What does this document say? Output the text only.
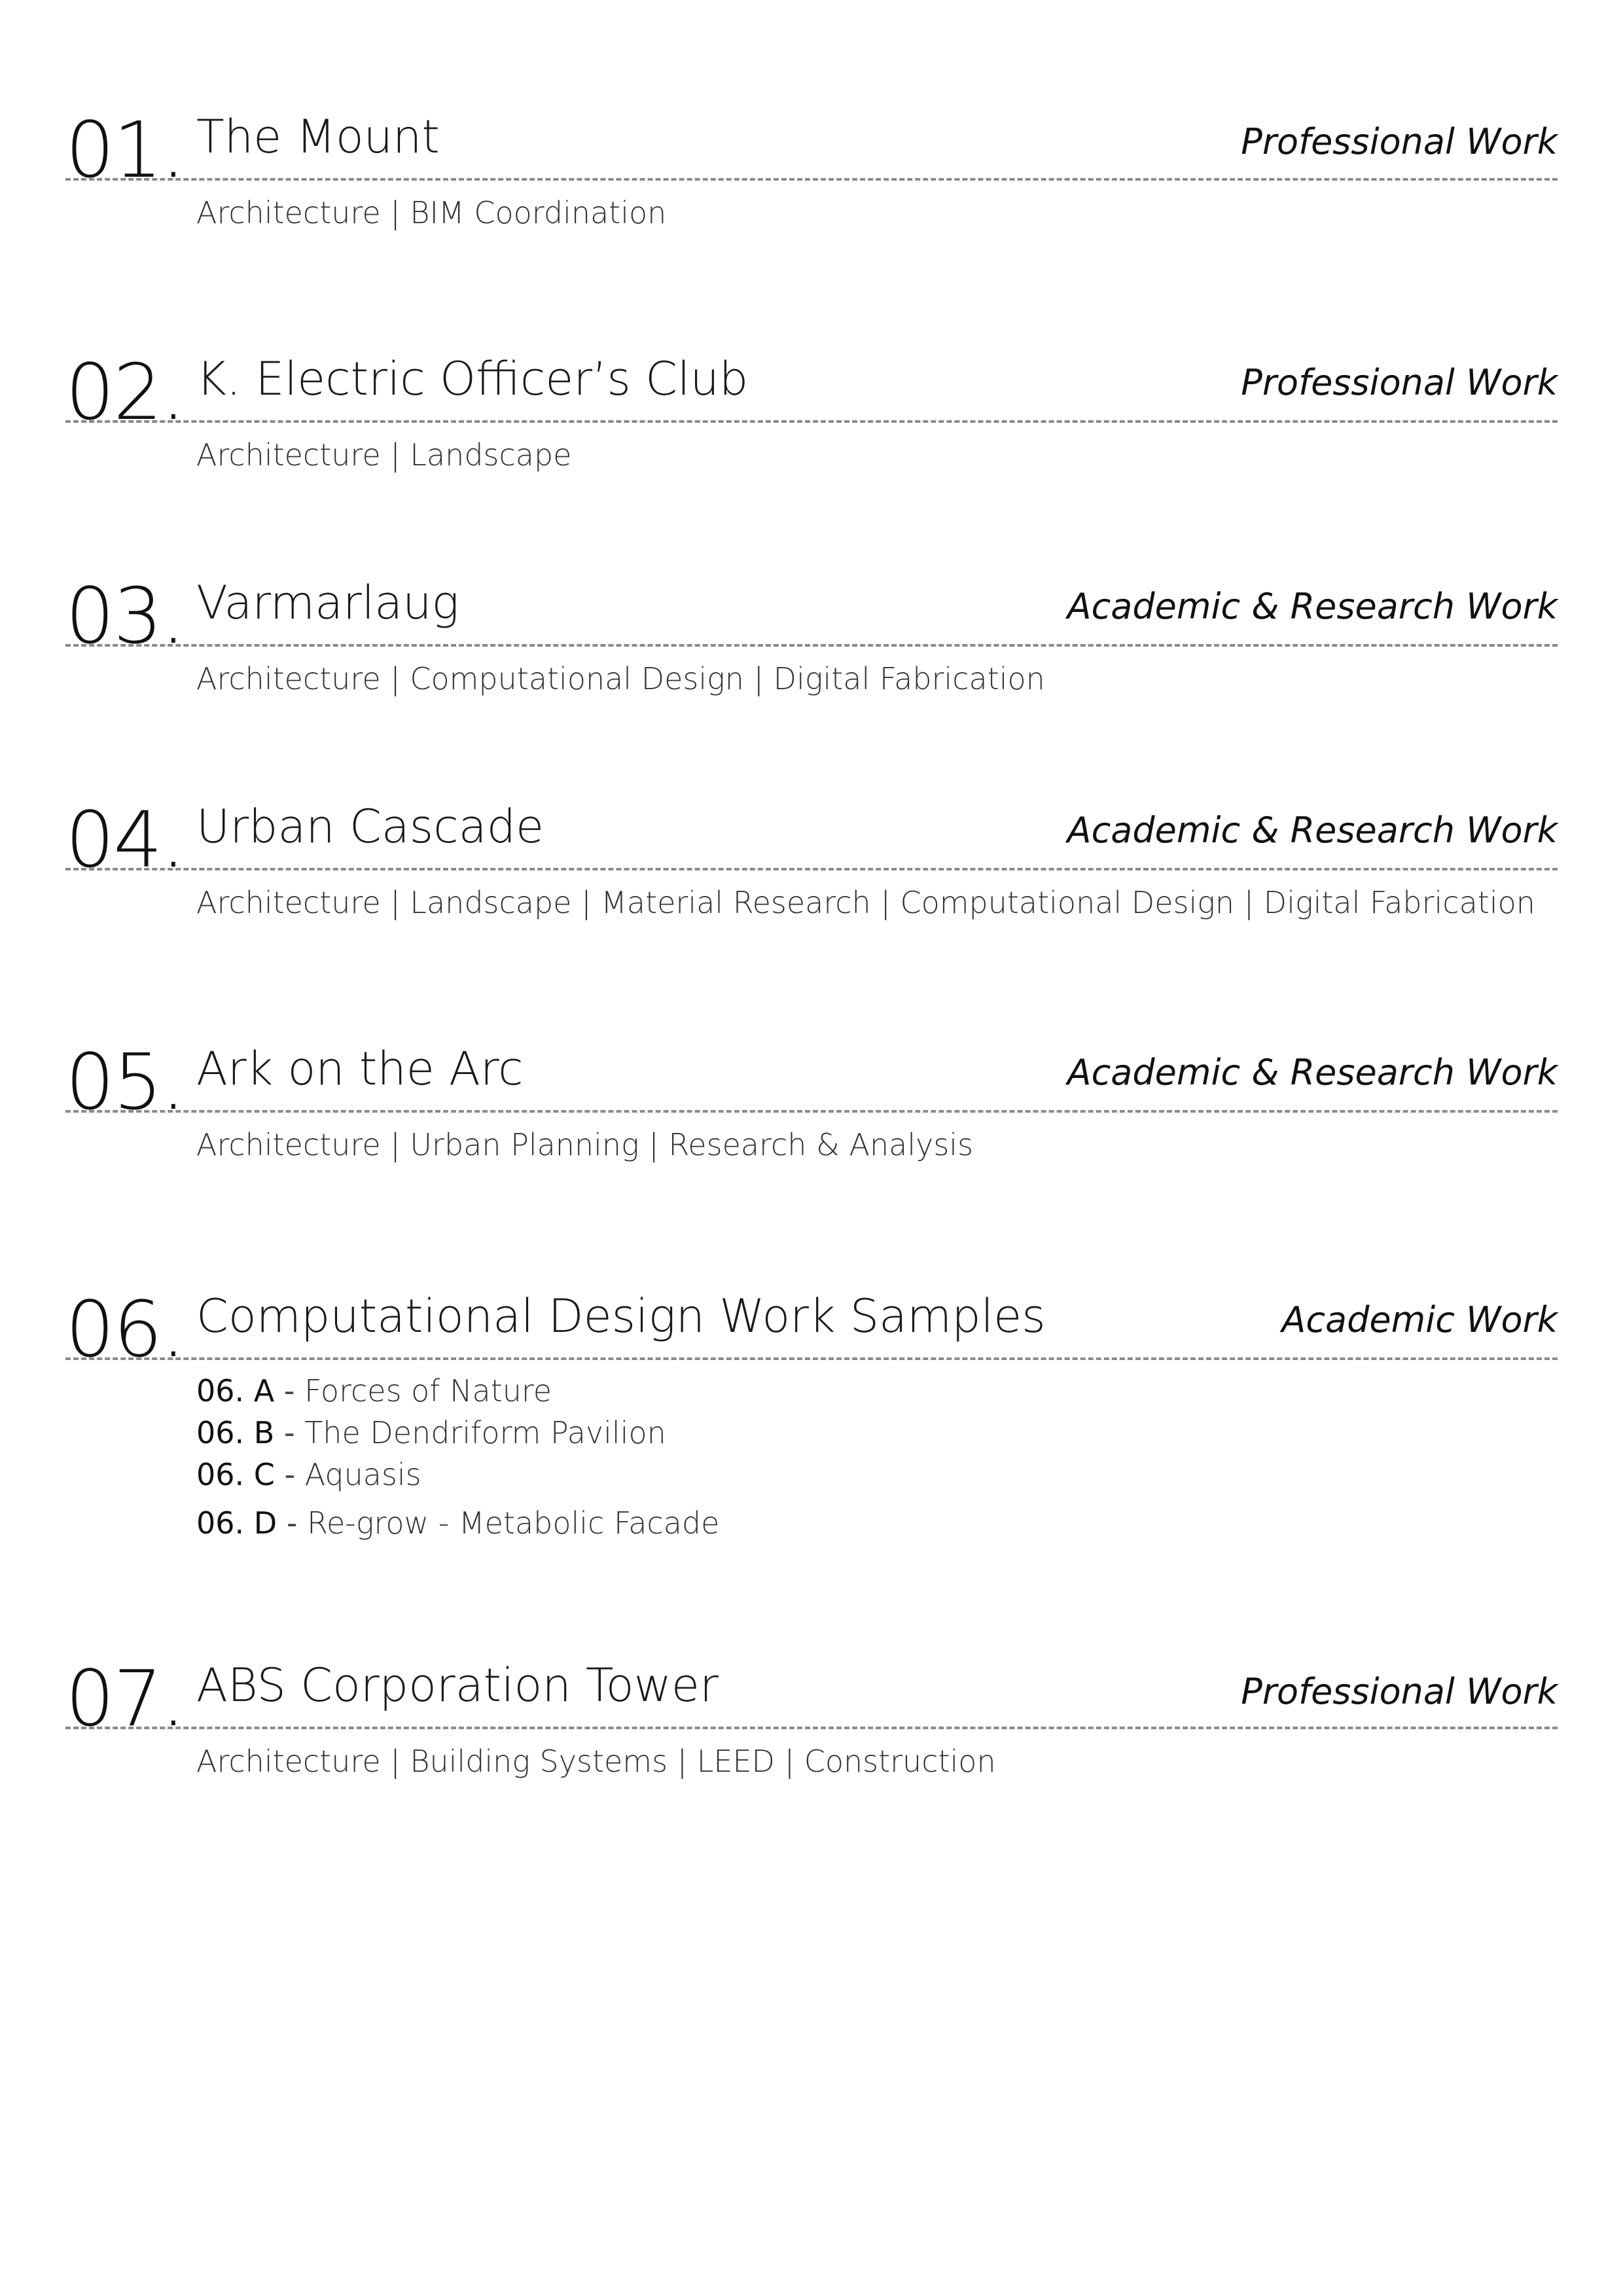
01. The Mount	Professional Work
Architecture | BIM Coordination
02. K. Electric Officer’s Club	Professional Work
Architecture | Landscape
03. Varmarlaug	Academic & Research Work
Architecture | Computational Design | Digital Fabrication
04. Urban Cascade	Academic & Research Work
Architecture | Landscape | Material Research | Computational Design | Digital Fabrication
05. Ark on the Arc	Academic & Research Work
Architecture | Urban Planning | Research & Analysis
06. Computational Design Work Samples	Academic Work
06. A - Forces of Nature
06. B - The Dendriform Pavilion
06. C - Aquasis
06. D - Re-grow - Metabolic Facade
07. ABS Corporation Tower	Professional Work
Architecture | Building Systems | LEED | Construction
